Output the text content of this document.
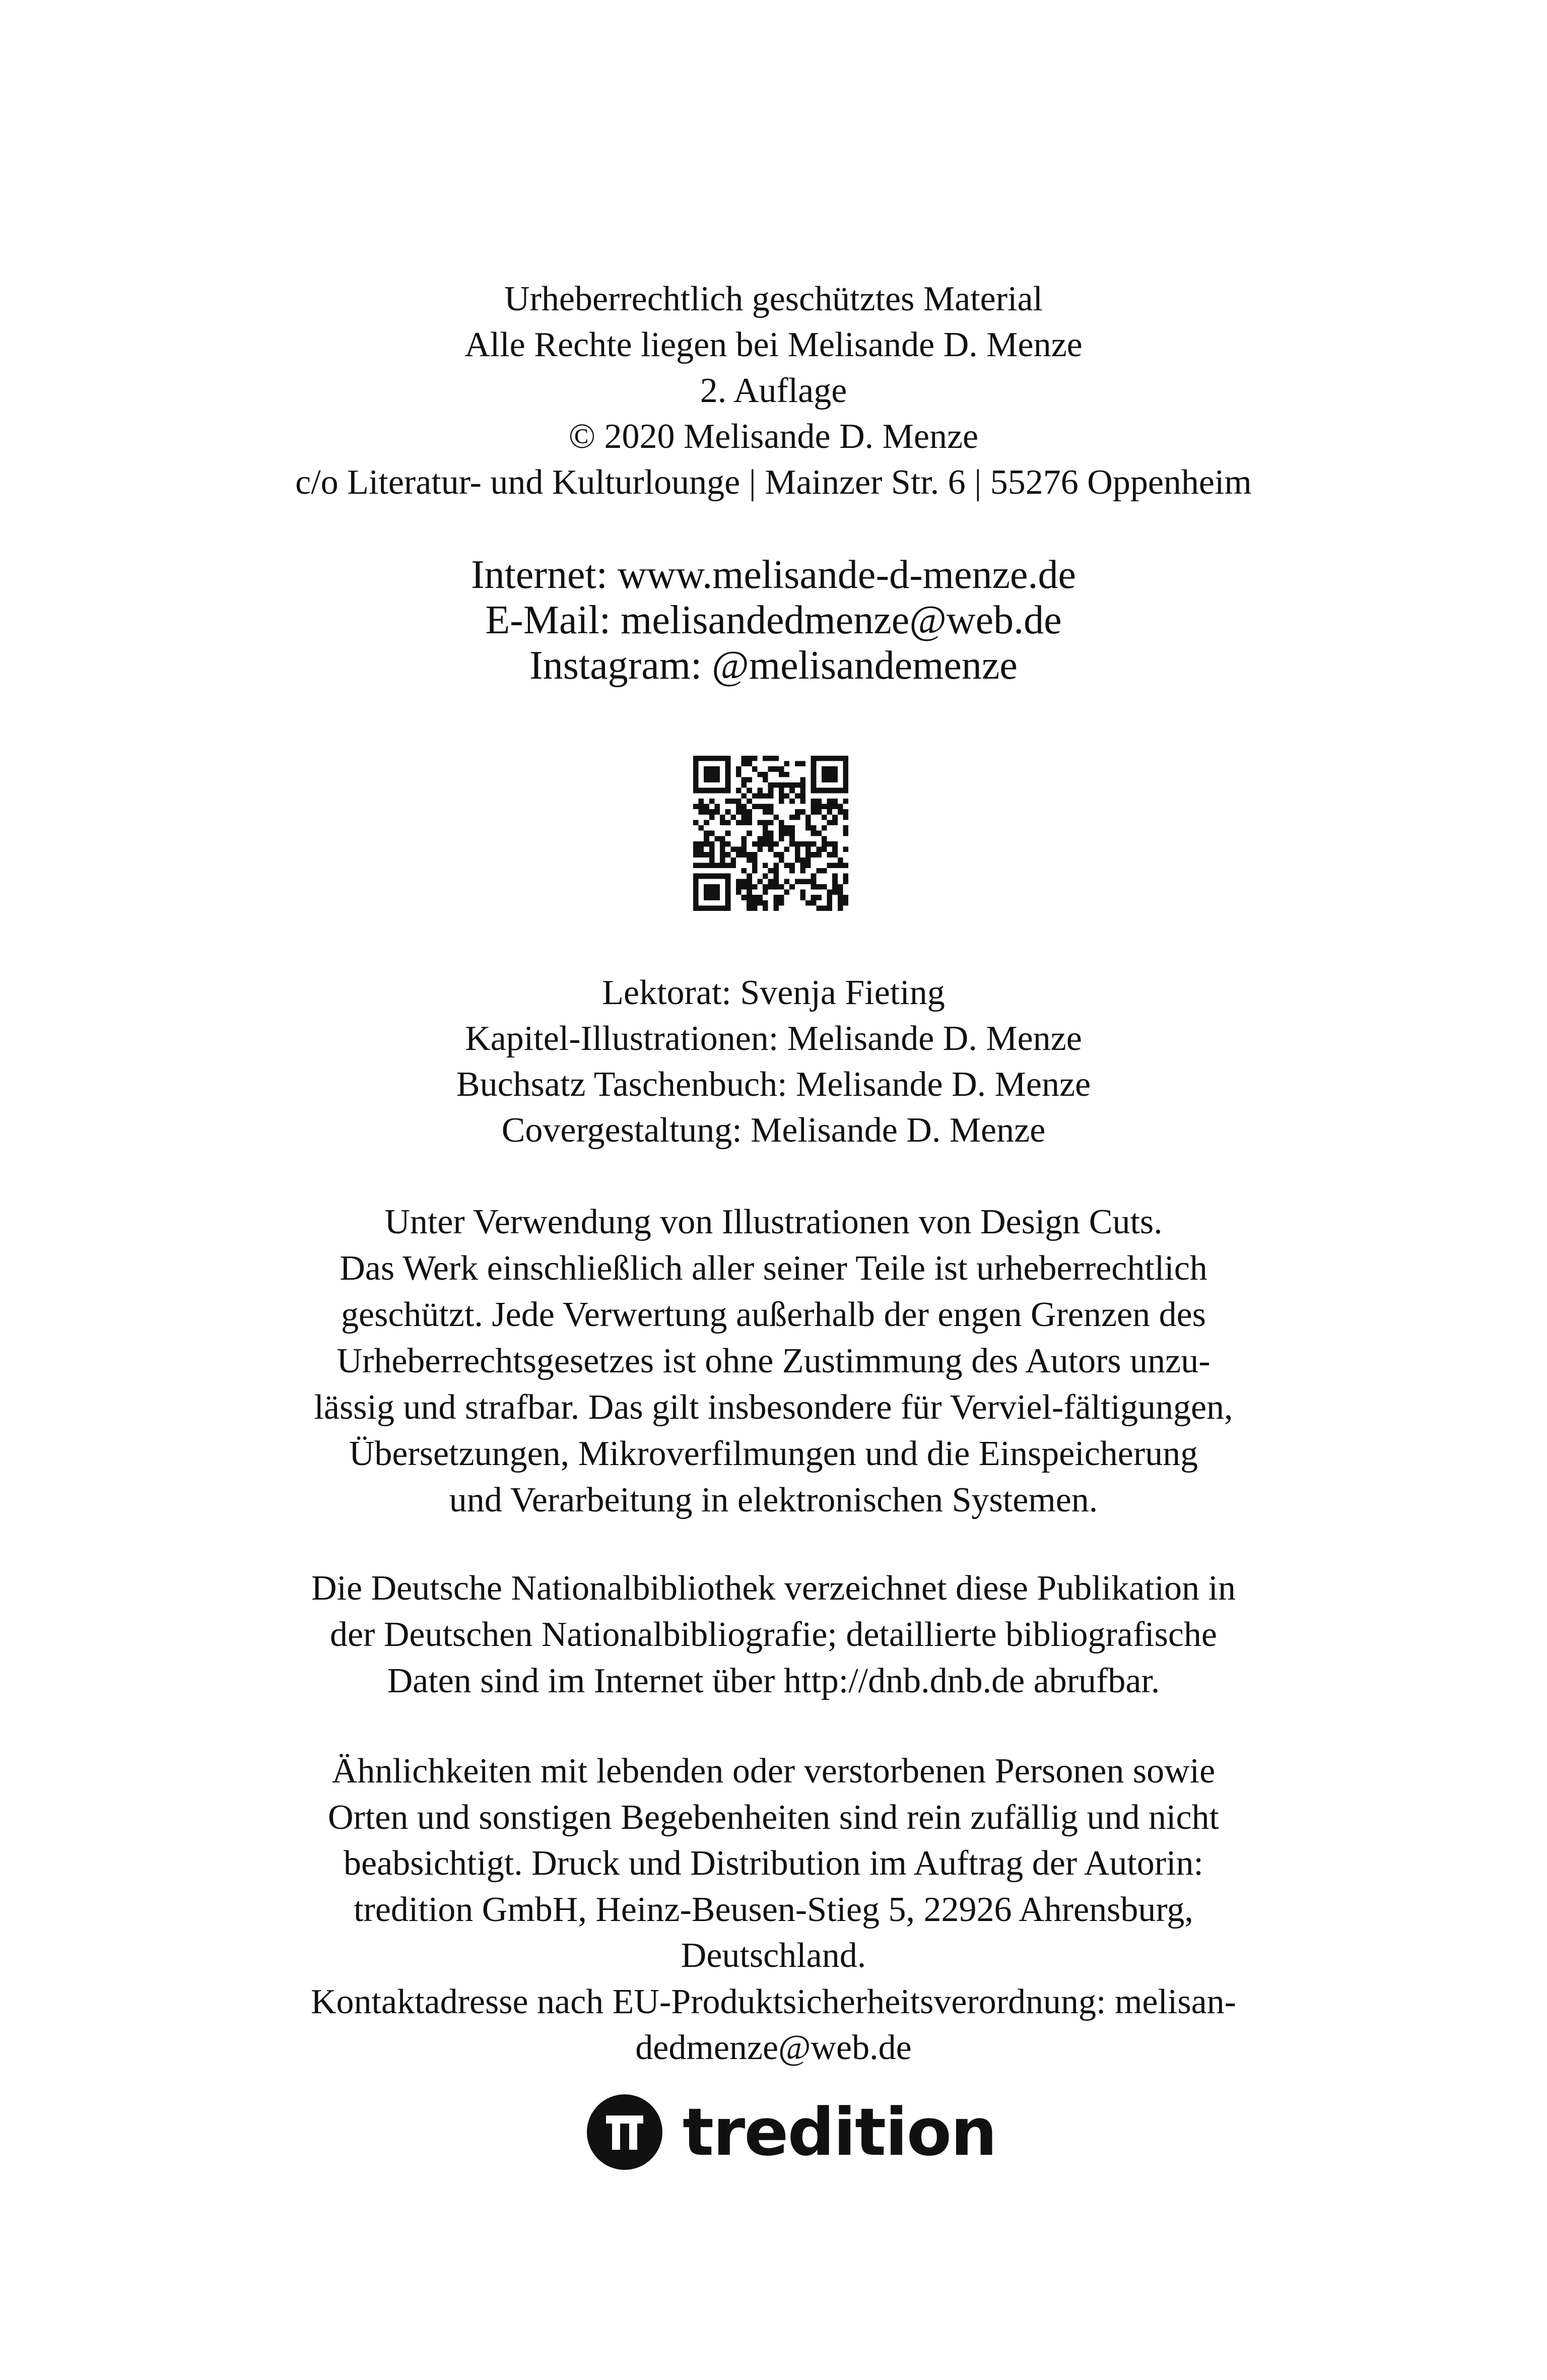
Urheberrechtlich geschütztes Material
Alle Rechte liegen bei Melisande D. Menze
2. Auflage
© 2020 Melisande D. Menze
c/o Literatur- und Kulturlounge | Mainzer Str. 6 | 55276 Oppenheim
Internet: www.melisande-d-menze.de
E-Mail: melisandedmenze@web.de
Instagram: @melisandemenze
Lektorat: Svenja Fieting
Kapitel-Illustrationen: Melisande D. Menze
Buchsatz Taschenbuch: Melisande D. Menze
Covergestaltung: Melisande D. Menze
Unter Verwendung von Illustrationen von Design Cuts.
Das Werk einschließlich aller seiner Teile ist urheberrechtlich
geschützt. Jede Verwertung außerhalb der engen Grenzen des
Urheberrechtsgesetzes ist ohne Zustimmung des Autors unzu-
lässig und strafbar. Das gilt insbesondere für Verviel-fältigungen,
Übersetzungen, Mikroverfilmungen und die Einspeicherung
und Verarbeitung in elektronischen Systemen.
Die Deutsche Nationalbibliothek verzeichnet diese Publikation in
der Deutschen Nationalbibliografie; detaillierte bibliografische
Daten sind im Internet über http://dnb.dnb.de abrufbar.
Ähnlichkeiten mit lebenden oder verstorbenen Personen sowie
Orten und sonstigen Begebenheiten sind rein zufällig und nicht
beabsichtigt. Druck und Distribution im Auftrag der Autorin:
tredition GmbH, Heinz-Beusen-Stieg 5, 22926 Ahrensburg,
Deutschland.
Kontaktadresse nach EU-Produktsicherheitsverordnung: melisan-
dedmenze@web.de
tredition
